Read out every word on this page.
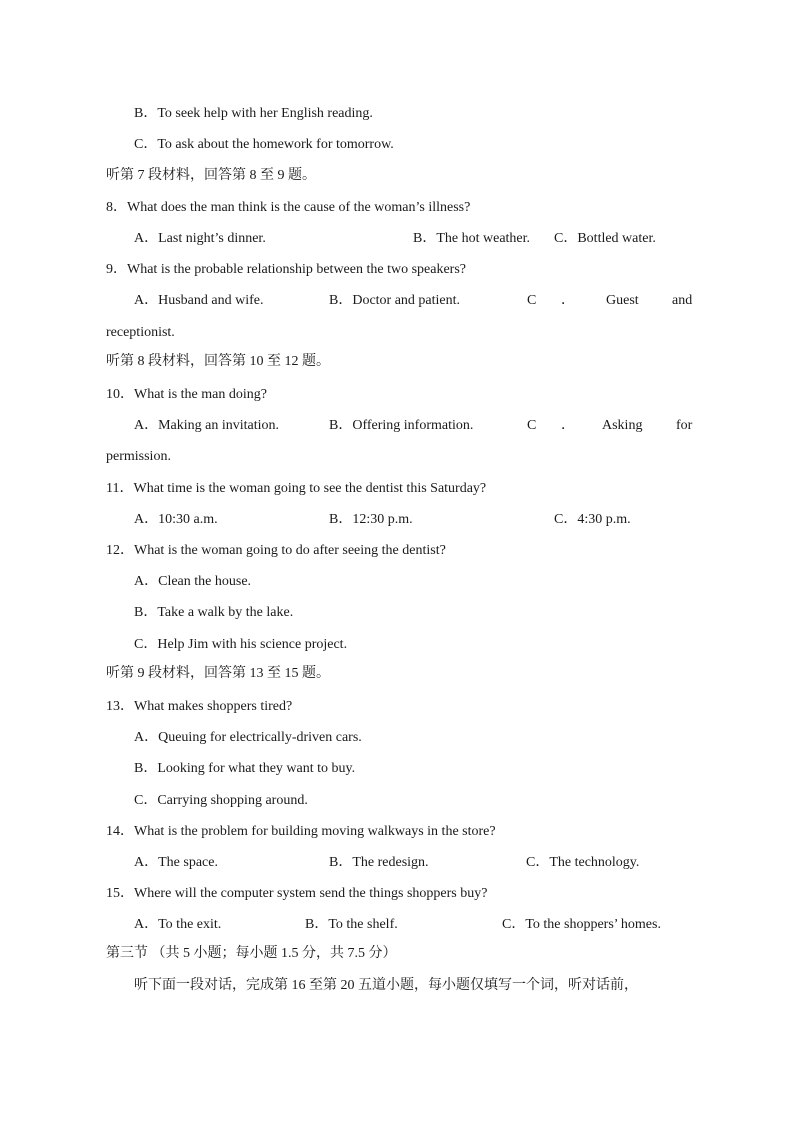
B．To seek help with her English reading.
C．To ask about the homework for tomorrow.
听第 7 段材料，回答第 8 至 9 题。
8．What does the man think is the cause of the woman’s illness?
A．Last night’s dinner.	B．The hot weather. C．Bottled water.
9．What is the probable relationship between the two speakers?
A．Husband and wife.	B．Doctor and patient.	C ． Guest and
receptionist.
听第 8 段材料，回答第 10 至 12 题。
10．What is the man doing?
A．Making an invitation.	B．Offering information.	C ． Asking for
permission.
11．What time is the woman going to see the dentist this Saturday?
A．10:30 a.m.	B．12:30 p.m.	C．4:30 p.m.
12．What is the woman going to do after seeing the dentist?
A．Clean the house.
B．Take a walk by the lake.
C．Help Jim with his science project.
听第 9 段材料，回答第 13 至 15 题。
13．What makes shoppers tired?
A．Queuing for electrically-driven cars.
B．Looking for what they want to buy.
C．Carrying shopping around.
14．What is the problem for building moving walkways in the store?
A．The space.	B．The redesign.	C．The technology.
15．Where will the computer system send the things shoppers buy?
A．To the exit.	B．To the shelf.	C．To the shoppers’ homes.
第三节 （共 5 小题；每小题 1.5 分，共 7.5 分）
听下面一段对话，完成第 16 至第 20 五道小题，每小题仅填写一个词，听对话前，
